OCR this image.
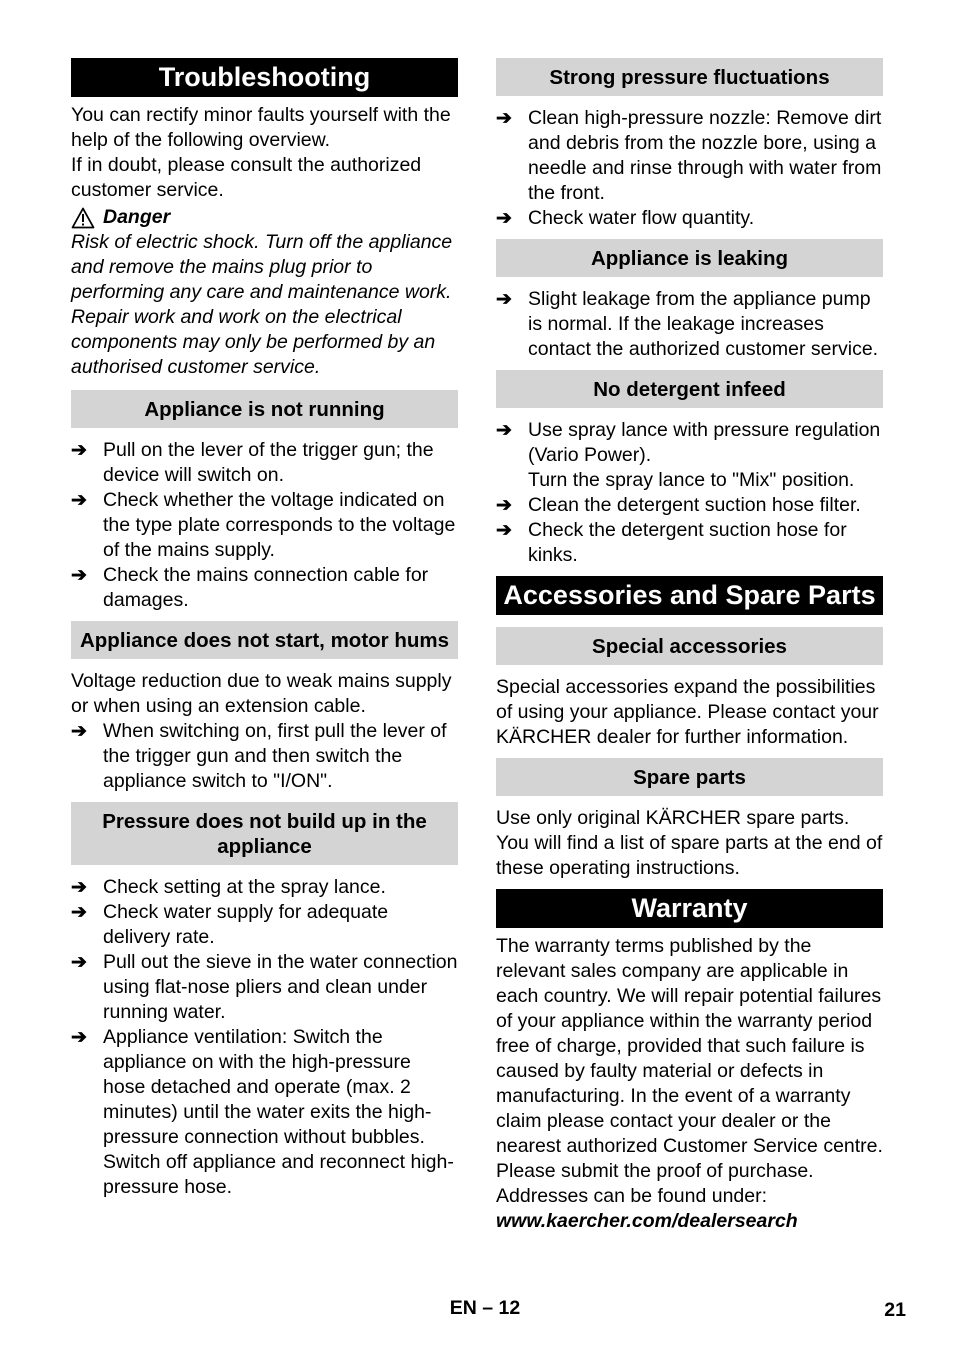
Troubleshooting

You can rectify minor faults yourself with the help of the following overview.

If in doubt, please consult the authorized customer service.

Danger

Risk of electric shock. Turn off the appliance and remove the mains plug prior to performing any care and maintenance work.

Repair work and work on the electrical components may only be performed by an authorised customer service.

Appliance is not running
➔ Pull on the lever of the trigger gun; the device will switch on.
➔ Check whether the voltage indicated on the type plate corresponds to the voltage of the mains supply.
➔ Check the mains connection cable for damages.
Appliance does not start, motor hums

Voltage reduction due to weak mains supply or when using an extension cable.

➔ When switching on, first pull the lever of the trigger gun and then switch the appliance switch to "I/ON".
Pressure does not build up in the appliance
➔ Check setting at the spray lance.
➔ Check water supply for adequate delivery rate.
➔ Pull out the sieve in the water connection using flat-nose pliers and clean under running water.
➔ Appliance ventilation: Switch the appliance on with the high-pressure hose detached and operate (max. 2 minutes) until the water exits the high-pressure connection without bubbles. Switch off appliance and reconnect high-pressure hose.
Strong pressure fluctuations
➔ Clean high-pressure nozzle: Remove dirt and debris from the nozzle bore, using a needle and rinse through with water from the front.
➔ Check water flow quantity.
Appliance is leaking
➔ Slight leakage from the appliance pump is normal. If the leakage increases contact the authorized customer service.
No detergent infeed
➔ Use spray lance with pressure regulation (Vario Power).
Turn the spray lance to "Mix" position.
➔ Clean the detergent suction hose filter.
➔ Check the detergent suction hose for kinks.
Accessories and Spare Parts
Special accessories

Special accessories expand the possibilities of using your appliance. Please contact your KÄRCHER dealer for further information.

Spare parts

Use only original KÄRCHER spare parts.

You will find a list of spare parts at the end of these operating instructions.

Warranty

The warranty terms published by the relevant sales company are applicable in each country. We will repair potential failures of your appliance within the warranty period free of charge, provided that such failure is caused by faulty material or defects in manufacturing. In the event of a warranty claim please contact your dealer or the nearest authorized Customer Service centre.

Please submit the proof of purchase.

Addresses can be found under:

www.kaercher.com/dealersearch
EN – 12	21
